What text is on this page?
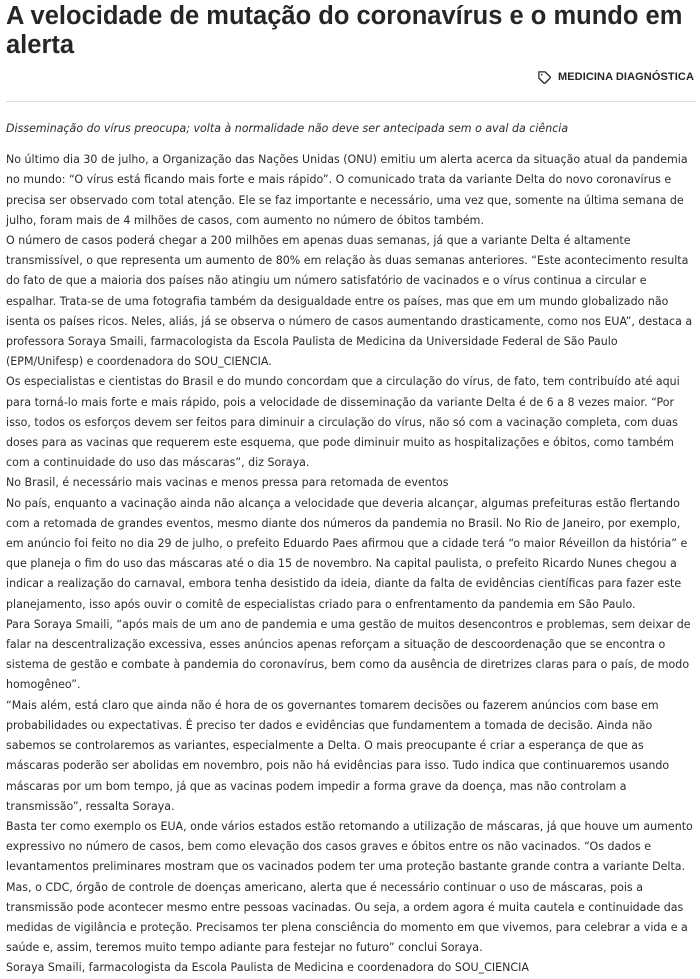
A velocidade de mutação do coronavírus e o mundo em alerta
MEDICINA DIAGNÓSTICA

Disseminação do vírus preocupa; volta à normalidade não deve ser antecipada sem o aval da ciência

No último dia 30 de julho, a Organização das Nações Unidas (ONU) emitiu um alerta acerca da situação atual da pandemia no mundo: “O vírus está ficando mais forte e mais rápido”. O comunicado trata da variante Delta do novo coronavírus e precisa ser observado com total atenção. Ele se faz importante e necessário, uma vez que, somente na última semana de julho, foram mais de 4 milhões de casos, com aumento no número de óbitos também.

O número de casos poderá chegar a 200 milhões em apenas duas semanas, já que a variante Delta é altamente transmissível, o que representa um aumento de 80% em relação às duas semanas anteriores. “Este acontecimento resulta do fato de que a maioria dos países não atingiu um número satisfatório de vacinados e o vírus continua a circular e espalhar. Trata-se de uma fotografia também da desigualdade entre os países, mas que em um mundo globalizado não isenta os países ricos. Neles, aliás, já se observa o número de casos aumentando drasticamente, como nos EUA”, destaca a professora Soraya Smaili, farmacologista da Escola Paulista de Medicina da Universidade Federal de São Paulo (EPM/Unifesp) e coordenadora do SOU_CIENCIA.

Os especialistas e cientistas do Brasil e do mundo concordam que a circulação do vírus, de fato, tem contribuído até aqui para torná-lo mais forte e mais rápido, pois a velocidade de disseminação da variante Delta é de 6 a 8 vezes maior. “Por isso, todos os esforços devem ser feitos para diminuir a circulação do vírus, não só com a vacinação completa, com duas doses para as vacinas que requerem este esquema, que pode diminuir muito as hospitalizações e óbitos, como também com a continuidade do uso das máscaras”, diz Soraya.

No Brasil, é necessário mais vacinas e menos pressa para retomada de eventos

No país, enquanto a vacinação ainda não alcança a velocidade que deveria alcançar, algumas prefeituras estão flertando com a retomada de grandes eventos, mesmo diante dos números da pandemia no Brasil. No Rio de Janeiro, por exemplo, em anúncio foi feito no dia 29 de julho, o prefeito Eduardo Paes afirmou que a cidade terá “o maior Réveillon da história” e que planeja o fim do uso das máscaras até o dia 15 de novembro. Na capital paulista, o prefeito Ricardo Nunes chegou a indicar a realização do carnaval, embora tenha desistido da ideia, diante da falta de evidências científicas para fazer este planejamento, isso após ouvir o comitê de especialistas criado para o enfrentamento da pandemia em São Paulo.

Para Soraya Smaili, “após mais de um ano de pandemia e uma gestão de muitos desencontros e problemas, sem deixar de falar na descentralização excessiva, esses anúncios apenas reforçam a situação de descoordenação que se encontra o sistema de gestão e combate à pandemia do coronavírus, bem como da ausência de diretrizes claras para o país, de modo homogêneo”.

“Mais além, está claro que ainda não é hora de os governantes tomarem decisões ou fazerem anúncios com base em probabilidades ou expectativas. É preciso ter dados e evidências que fundamentem a tomada de decisão. Ainda não sabemos se controlaremos as variantes, especialmente a Delta. O mais preocupante é criar a esperança de que as máscaras poderão ser abolidas em novembro, pois não há evidências para isso. Tudo indica que continuaremos usando máscaras por um bom tempo, já que as vacinas podem impedir a forma grave da doença, mas não controlam a transmissão”, ressalta Soraya.

Basta ter como exemplo os EUA, onde vários estados estão retomando a utilização de máscaras, já que houve um aumento expressivo no número de casos, bem como elevação dos casos graves e óbitos entre os não vacinados. “Os dados e levantamentos preliminares mostram que os vacinados podem ter uma proteção bastante grande contra a variante Delta. Mas, o CDC, órgão de controle de doenças americano, alerta que é necessário continuar o uso de máscaras, pois a transmissão pode acontecer mesmo entre pessoas vacinadas. Ou seja, a ordem agora é muita cautela e continuidade das medidas de vigilância e proteção. Precisamos ter plena consciência do momento em que vivemos, para celebrar a vida e a saúde e, assim, teremos muito tempo adiante para festejar no futuro” conclui Soraya.

Soraya Smaili, farmacologista da Escola Paulista de Medicina e coordenadora do SOU_CIENCIA
